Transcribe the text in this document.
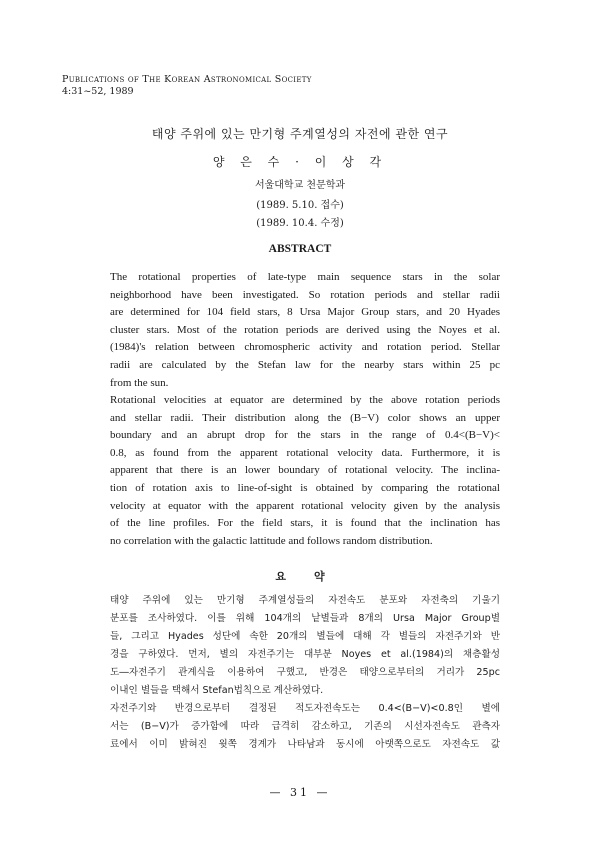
Publications of The Korean Astronomical Society
4:31~52, 1989
태양 주위에 있는 만기형 주계열성의 자전에 관한 연구
양 은 수 · 이 상 각
서울대학교 천문학과
(1989. 5.10. 접수)
(1989. 10.4. 수정)
ABSTRACT
The rotational properties of late-type main sequence stars in the solar
neighborhood have been investigated. So rotation periods and stellar radii
are determined for 104 field stars, 8 Ursa Major Group stars, and 20 Hyades
cluster stars. Most of the rotation periods are derived using the Noyes et al.
(1984)'s relation between chromospheric activity and rotation period. Stellar
radii are calculated by the Stefan law for the nearby stars within 25 pc
from the sun.
Rotational velocities at equator are determined by the above rotation periods
and stellar radii. Their distribution along the (B−V) color shows an upper
boundary and an abrupt drop for the stars in the range of 0.4<(B−V)<
0.8, as found from the apparent rotational velocity data. Furthermore, it is
apparent that there is an lower boundary of rotational velocity. The inclina-
tion of rotation axis to line-of-sight is obtained by comparing the rotational
velocity at equator with the apparent rotational velocity given by the analysis
of the line profiles. For the field stars, it is found that the inclination has
no correlation with the galactic lattitude and follows random distribution.
요약
태양 주위에 있는 만기형 주계열성들의 자전속도 분포와 자전축의 기울기
분포를 조사하였다. 이를 위해 104개의 낱별들과 8개의 Ursa Major Group별
들, 그리고 Hyades 성단에 속한 20개의 별들에 대해 각 별들의 자전주기와 반
경을 구하였다. 먼저, 별의 자전주기는 대부분 Noyes et al.(1984)의 채층활성
도―자전주기 관계식을 이용하여 구했고, 반경은 태양으로부터의 거리가 25pc
이내인 별들을 택해서 Stefan법칙으로 계산하였다.
자전주기와 반경으로부터 결정된 적도자전속도는 0.4<(B−V)<0.8인 별에
서는 (B−V)가 증가함에 따라 급격히 감소하고, 기존의 시선자전속도 관측자
료에서 이미 밝혀진 윗쪽 경계가 나타남과 동시에 아랫쪽으로도 자전속도 값
— 31 —
